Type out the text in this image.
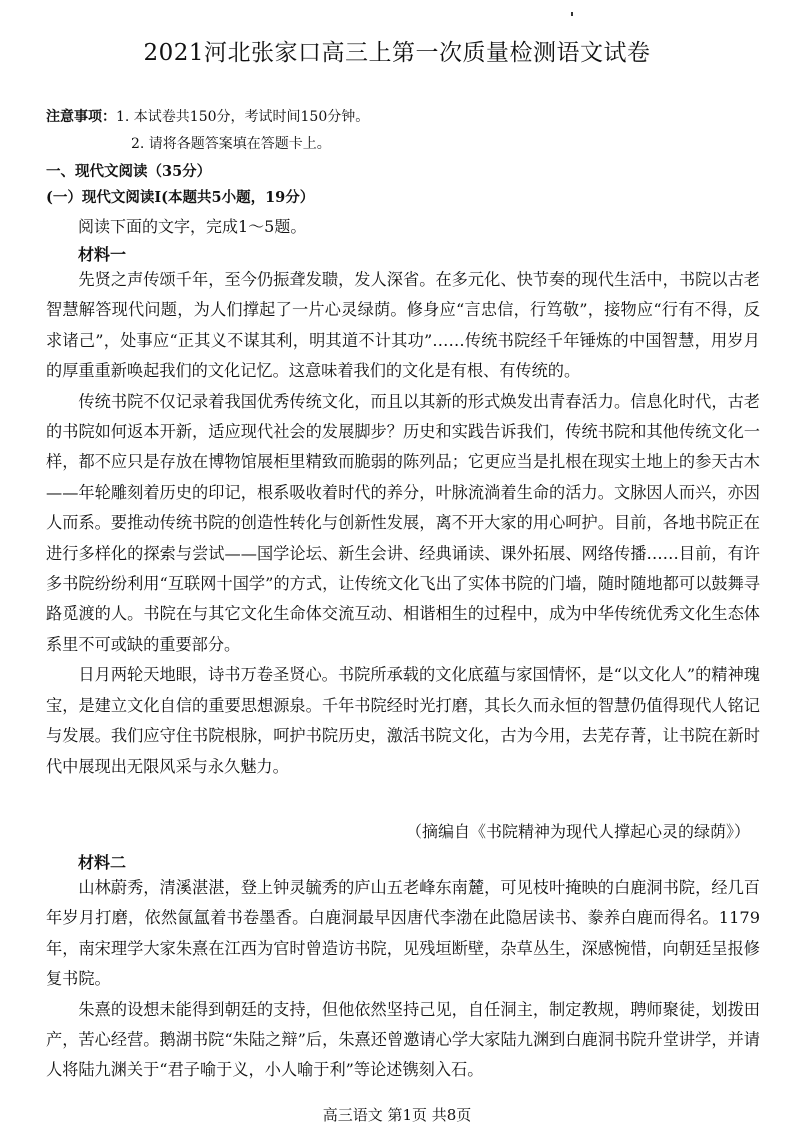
2021河北张家口高三上第一次质量检测语文试卷
注意事项：1. 本试卷共150分，考试时间150分钟。
2. 请将各题答案填在答题卡上。
一、现代文阅读（35分）
(一）现代文阅读Ⅰ(本题共5小题，19分）
阅读下面的文字，完成1～5题。
材料一

先贤之声传颂千年，至今仍振聋发聩，发人深省。在多元化、快节奏的现代生活中，书院以古老智慧解答现代问题，为人们撑起了一片心灵绿荫。修身应“言忠信，行笃敬”，接物应“行有不得，反求诸己”，处事应“正其义不谋其利，明其道不计其功”……传统书院经千年锤炼的中国智慧，用岁月的厚重重新唤起我们的文化记忆。这意味着我们的文化是有根、有传统的。

传统书院不仅记录着我国优秀传统文化，而且以其新的形式焕发出青春活力。信息化时代，古老的书院如何返本开新，适应现代社会的发展脚步？历史和实践告诉我们，传统书院和其他传统文化一样，都不应只是存放在博物馆展柜里精致而脆弱的陈列品；它更应当是扎根在现实土地上的参天古木——年轮雕刻着历史的印记，根系吸收着时代的养分，叶脉流淌着生命的活力。文脉因人而兴，亦因人而系。要推动传统书院的创造性转化与创新性发展，离不开大家的用心呵护。目前，各地书院正在进行多样化的探索与尝试——国学论坛、新生会讲、经典诵读、课外拓展、网络传播……目前，有许多书院纷纷利用“互联网十国学”的方式，让传统文化飞出了实体书院的门墙，随时随地都可以鼓舞寻路觅渡的人。书院在与其它文化生命体交流互动、相谐相生的过程中，成为中华传统优秀文化生态体系里不可或缺的重要部分。

日月两轮天地眼，诗书万卷圣贤心。书院所承载的文化底蕴与家国情怀，是“以文化人”的精神瑰宝，是建立文化自信的重要思想源泉。千年书院经时光打磨，其长久而永恒的智慧仍值得现代人铭记与发展。我们应守住书院根脉，呵护书院历史，激活书院文化，古为今用，去芜存菁，让书院在新时代中展现出无限风采与永久魅力。

（摘编自《书院精神为现代人撑起心灵的绿荫》）
材料二

山林蔚秀，清溪湛湛，登上钟灵毓秀的庐山五老峰东南麓，可见枝叶掩映的白鹿洞书院，经几百年岁月打磨，依然氤氲着书卷墨香。白鹿洞最早因唐代李渤在此隐居读书、豢养白鹿而得名。1179年，南宋理学大家朱熹在江西为官时曾造访书院，见残垣断壁，杂草丛生，深感惋惜，向朝廷呈报修复书院。

朱熹的设想未能得到朝廷的支持，但他依然坚持己见，自任洞主，制定教规，聘师聚徒，划拨田产，苦心经营。鹅湖书院“朱陆之辩”后，朱熹还曾邀请心学大家陆九渊到白鹿洞书院升堂讲学，并请人将陆九渊关于“君子喻于义，小人喻于利”等论述镌刻入石。

高三语文 第1页 共8页
